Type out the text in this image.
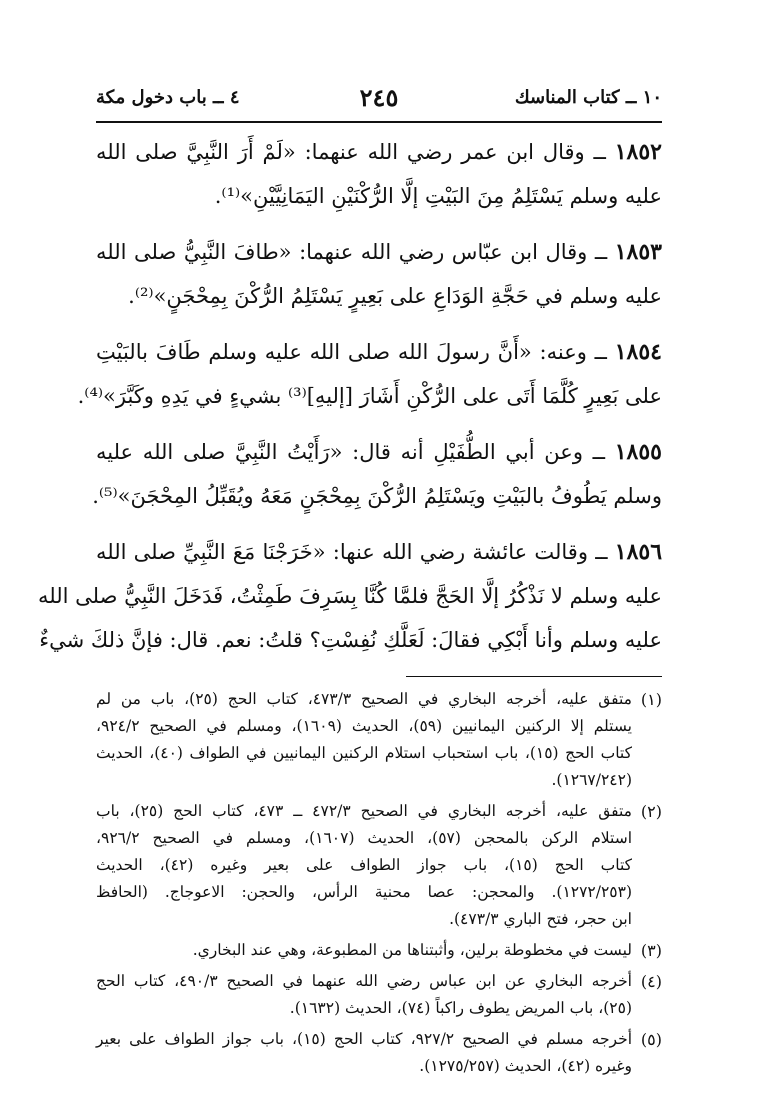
١٠ ــ كتاب المناسك
٢٤٥
٤ ــ باب دخول مكة
١٨٥٢ ــ وقال ابن عمر رضي الله عنهما: «لَمْ أَرَ النَّبِيَّ صلى الله
عليه وسلم يَسْتَلِمُ مِنَ البَيْتِ إلَّا الرُّكْنَيْنِ اليَمَانِيَّيْنِ»⁽¹⁾.
١٨٥٣ ــ وقال ابن عبّاس رضي الله عنهما: «طافَ النَّبِيُّ صلى الله
عليه وسلم في حَجَّةِ الوَدَاعِ على بَعِيرٍ يَسْتَلِمُ الرُّكْنَ بِمِحْجَنٍ»⁽²⁾.
١٨٥٤ ــ وعنه: «أَنَّ رسولَ الله صلى الله عليه وسلم طَافَ بالبَيْتِ
على بَعِيرٍ كُلَّمَا أَتَى على الرُّكْنِ أَشَارَ [إليهِ]⁽³⁾ بشيءٍ في يَدِهِ وكَبَّرَ»⁽⁴⁾.
١٨٥٥ ــ وعن أبي الطُّفَيْلِ أنه قال: «رَأَيْتُ النَّبِيَّ صلى الله عليه
وسلم يَطُوفُ بالبَيْتِ ويَسْتَلِمُ الرُّكْنَ بِمِحْجَنٍ مَعَهُ ويُقَبِّلُ المِحْجَنَ»⁽⁵⁾.
١٨٥٦ ــ وقالت عائشة رضي الله عنها: «خَرَجْنَا مَعَ النَّبِيِّ صلى الله
عليه وسلم لا نَذْكُرُ إلَّا الحَجَّ فلمَّا كُنَّا بِسَرِفَ طَمِثْتُ، فَدَخَلَ النَّبِيُّ صلى الله
عليه وسلم وأنا أَبْكِي فقالَ: لَعَلَّكِ نُفِسْتِ؟ قلتُ: نعم. قال: فإنَّ ذلكَ شيءٌ
(١)
متفق عليه، أخرجه البخاري في الصحيح ٤٧٣/٣، كتاب الحج (٢٥)، باب من لم
يستلم إلا الركنين اليمانيين (٥٩)، الحديث (١٦٠٩)، ومسلم في الصحيح ٩٢٤/٢،
كتاب الحج (١٥)، باب استحباب استلام الركنين اليمانيين في الطواف (٤٠)، الحديث
(١٢٦٧/٢٤٢).
(٢)
متفق عليه، أخرجه البخاري في الصحيح ٤٧٢/٣ ــ ٤٧٣، كتاب الحج (٢٥)، باب
استلام الركن بالمحجن (٥٧)، الحديث (١٦٠٧)، ومسلم في الصحيح ٩٢٦/٢،
كتاب الحج (١٥)، باب جواز الطواف على بعير وغيره (٤٢)، الحديث
(١٢٧٢/٢٥٣). والمحجن: عصا محنية الرأس، والحجن: الاعوجاج. (الحافظ
ابن حجر، فتح الباري ٤٧٣/٣).
(٣)
ليست في مخطوطة برلين، وأثبتناها من المطبوعة، وهي عند البخاري.
(٤)
أخرجه البخاري عن ابن عباس رضي الله عنهما في الصحيح ٤٩٠/٣، كتاب الحج
(٢٥)، باب المريض يطوف راكباً (٧٤)، الحديث (١٦٣٢).
(٥)
أخرجه مسلم في الصحيح ٩٢٧/٢، كتاب الحج (١٥)، باب جواز الطواف على بعير
وغيره (٤٢)، الحديث (١٢٧٥/٢٥٧).
